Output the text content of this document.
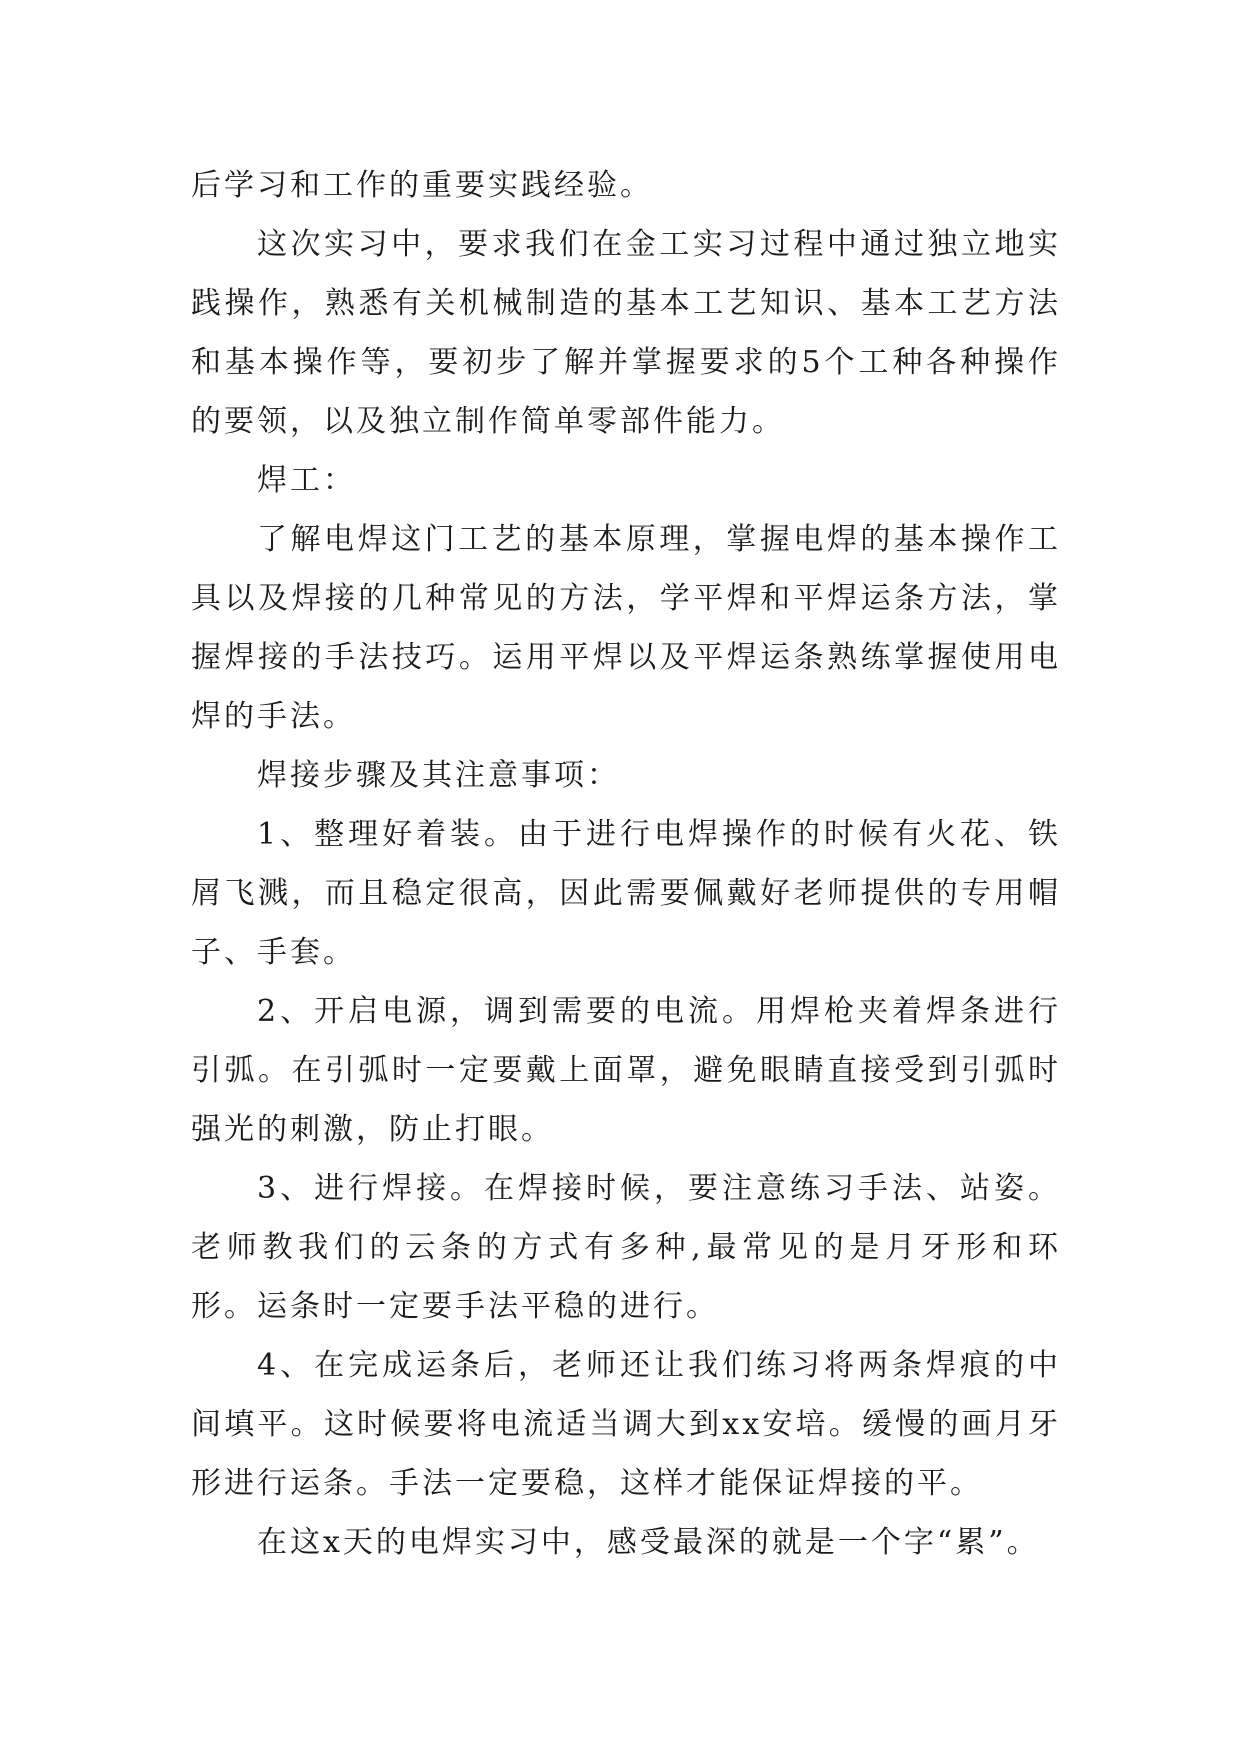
后学习和工作的重要实践经验。

这次实习中，要求我们在金工实习过程中通过独立地实践操作，熟悉有关机械制造的基本工艺知识、基本工艺方法和基本操作等，要初步了解并掌握要求的5个工种各种操作的要领，以及独立制作简单零部件能力。

焊工：

了解电焊这门工艺的基本原理，掌握电焊的基本操作工具以及焊接的几种常见的方法，学平焊和平焊运条方法，掌握焊接的手法技巧。运用平焊以及平焊运条熟练掌握使用电焊的手法。

焊接步骤及其注意事项：

1、整理好着装。由于进行电焊操作的时候有火花、铁屑飞溅，而且稳定很高，因此需要佩戴好老师提供的专用帽子、手套。

2、开启电源，调到需要的电流。用焊枪夹着焊条进行引弧。在引弧时一定要戴上面罩，避免眼睛直接受到引弧时强光的刺激，防止打眼。

3、进行焊接。在焊接时候，要注意练习手法、站姿。老师教我们的云条的方式有多种,最常见的是月牙形和环形。运条时一定要手法平稳的进行。

4、在完成运条后，老师还让我们练习将两条焊痕的中间填平。这时候要将电流适当调大到xx安培。缓慢的画月牙形进行运条。手法一定要稳，这样才能保证焊接的平。

在这x天的电焊实习中，感受最深的就是一个字“累”。
